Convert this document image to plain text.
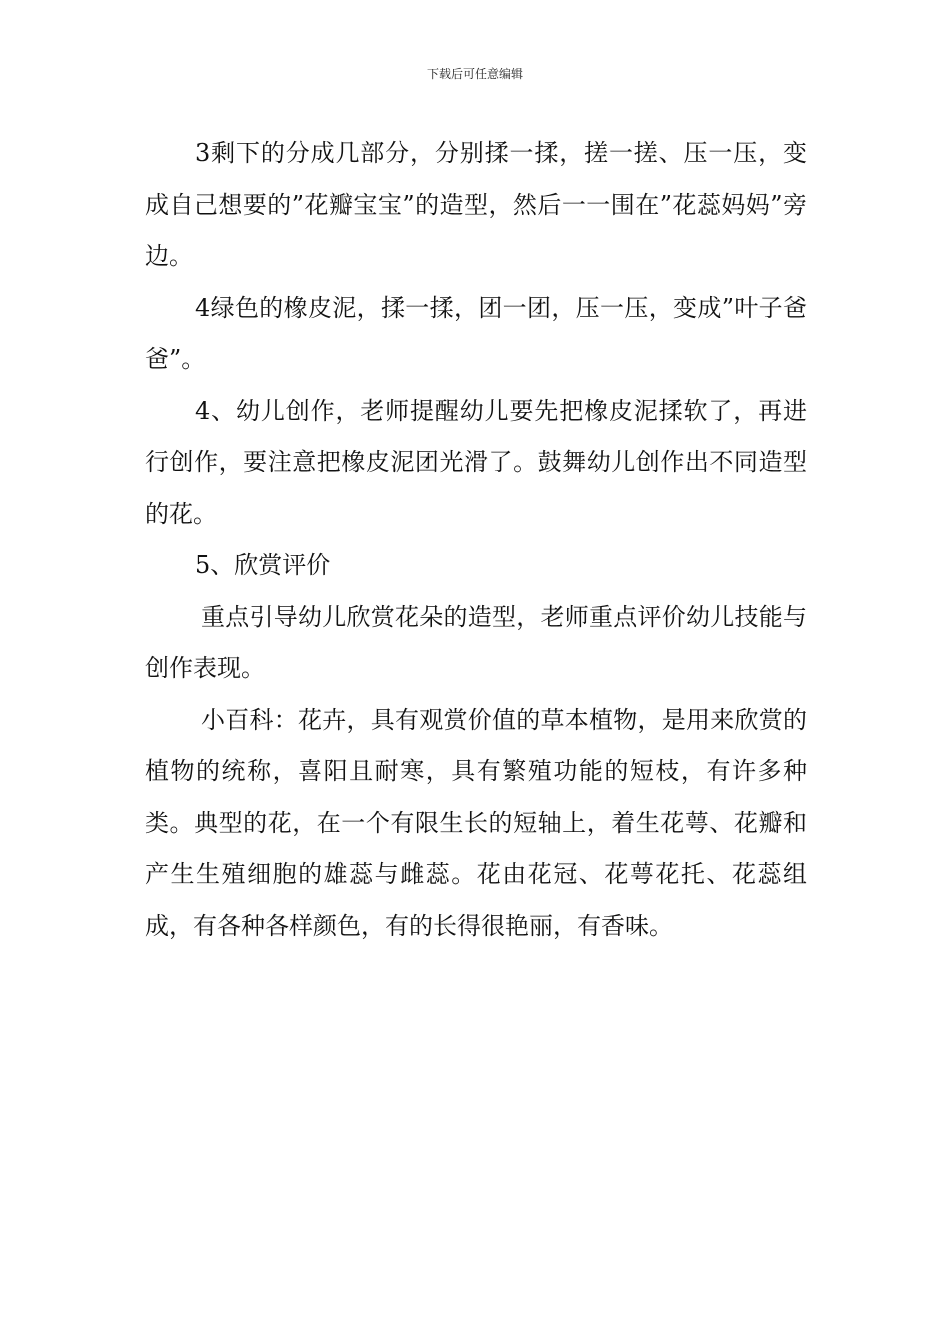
下载后可任意编辑

3剩下的分成几部分，分别揉一揉，搓一搓、压一压，变成自己想要的”花瓣宝宝”的造型，然后一一围在”花蕊妈妈”旁边。

4绿色的橡皮泥，揉一揉，团一团，压一压，变成”叶子爸爸”。

4、幼儿创作，老师提醒幼儿要先把橡皮泥揉软了，再进行创作，要注意把橡皮泥团光滑了。鼓舞幼儿创作出不同造型的花。

5、欣赏评价

重点引导幼儿欣赏花朵的造型，老师重点评价幼儿技能与创作表现。

小百科：花卉，具有观赏价值的草本植物，是用来欣赏的植物的统称，喜阳且耐寒，具有繁殖功能的短枝，有许多种类。典型的花，在一个有限生长的短轴上，着生花萼、花瓣和产生生殖细胞的雄蕊与雌蕊。花由花冠、花萼花托、花蕊组成，有各种各样颜色，有的长得很艳丽，有香味。
